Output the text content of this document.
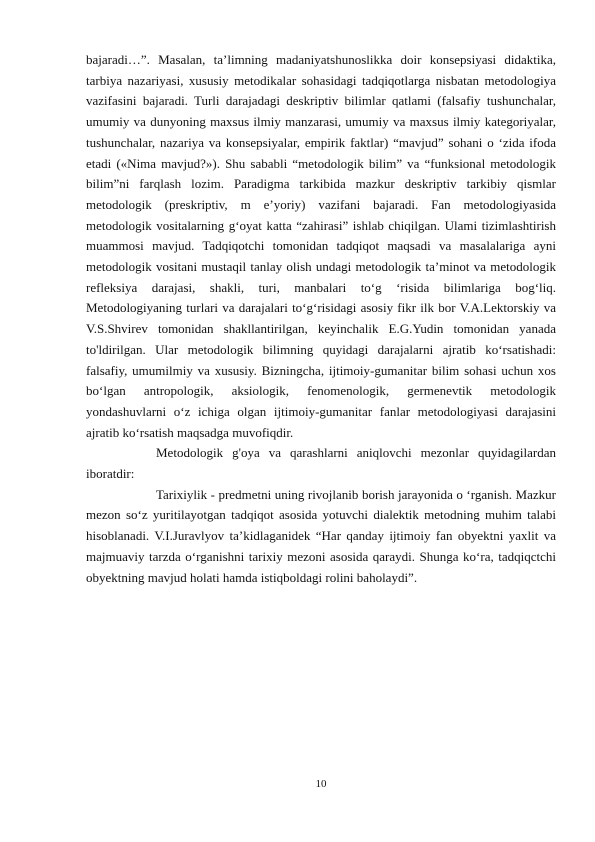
bajaradi…”. Masalan, ta’limning madaniyatshunoslikka doir konsepsiyasi didaktika, tarbiya nazariyasi, xususiy metodikalar sohasidagi tadqiqotlarga nisbatan metodologiya vazifasini bajaradi. Turli darajadagi deskriptiv bilimlar qatlami (falsafiy tushunchalar, umumiy va dunyoning maxsus ilmiy manzarasi, umumiy va maxsus ilmiy kategoriyalar, tushunchalar, nazariya va konsepsiyalar, empirik faktlar) “mavjud” sohani o ‘zida ifoda etadi («Nima mavjud?»). Shu sababli “metodologik bilim” va “funksional metodologik bilim”ni farqlash lozim. Paradigma tarkibida mazkur deskriptiv tarkibiy qismlar metodologik (preskriptiv, m e’yoriy) vazifani bajaradi. Fan metodologiyasida metodologik vositalarning g‘oyat katta “zahirasi” ishlab chiqilgan. Ulami tizimlashtirish muammosi mavjud. Tadqiqotchi tomonidan tadqiqot maqsadi va masalalariga ayni metodologik vositani mustaqil tanlay olish undagi metodologik ta’minot va metodologik refleksiya darajasi, shakli, turi, manbalari to‘g ‘risida bilimlariga bog‘liq. Metodologiyaning turlari va darajalari to‘g‘risidagi asosiy fikr ilk bor V.A.Lektorskiy va V.S.Shvirev tomonidan shakllantirilgan, keyinchalik E.G.Yudin tomonidan yanada to'ldirilgan. Ular metodologik bilimning quyidagi darajalarni ajratib ko‘rsatishadi: falsafiy, umumilmiy va xususiy. Bizningcha, ijtimoiy-gumanitar bilim sohasi uchun xos bo‘lgan antropologik, aksiologik, fenomenologik, germenevtik metodologik yondashuvlarni o‘z ichiga olgan ijtimoiy-gumanitar fanlar metodologiyasi darajasini ajratib ko‘rsatish maqsadga muvofiqdir.

Metodologik g'oya va qarashlarni aniqlovchi mezonlar quyidagilardan iboratdir:

Tarixiylik - predmetni uning rivojlanib borish jarayonida o ‘rganish. Mazkur mezon so‘z yuritilayotgan tadqiqot asosida yotuvchi dialektik metodning muhim talabi hisoblanadi. V.I.Juravlyov ta’kidlaganidek “Har qanday ijtimoiy fan obyektni yaxlit va majmuaviy tarzda o‘rganishni tarixiy mezoni asosida qaraydi. Shunga ko‘ra, tadqiqctchi obyektning mavjud holati hamda istiqboldagi rolini baholaydi”.

10
